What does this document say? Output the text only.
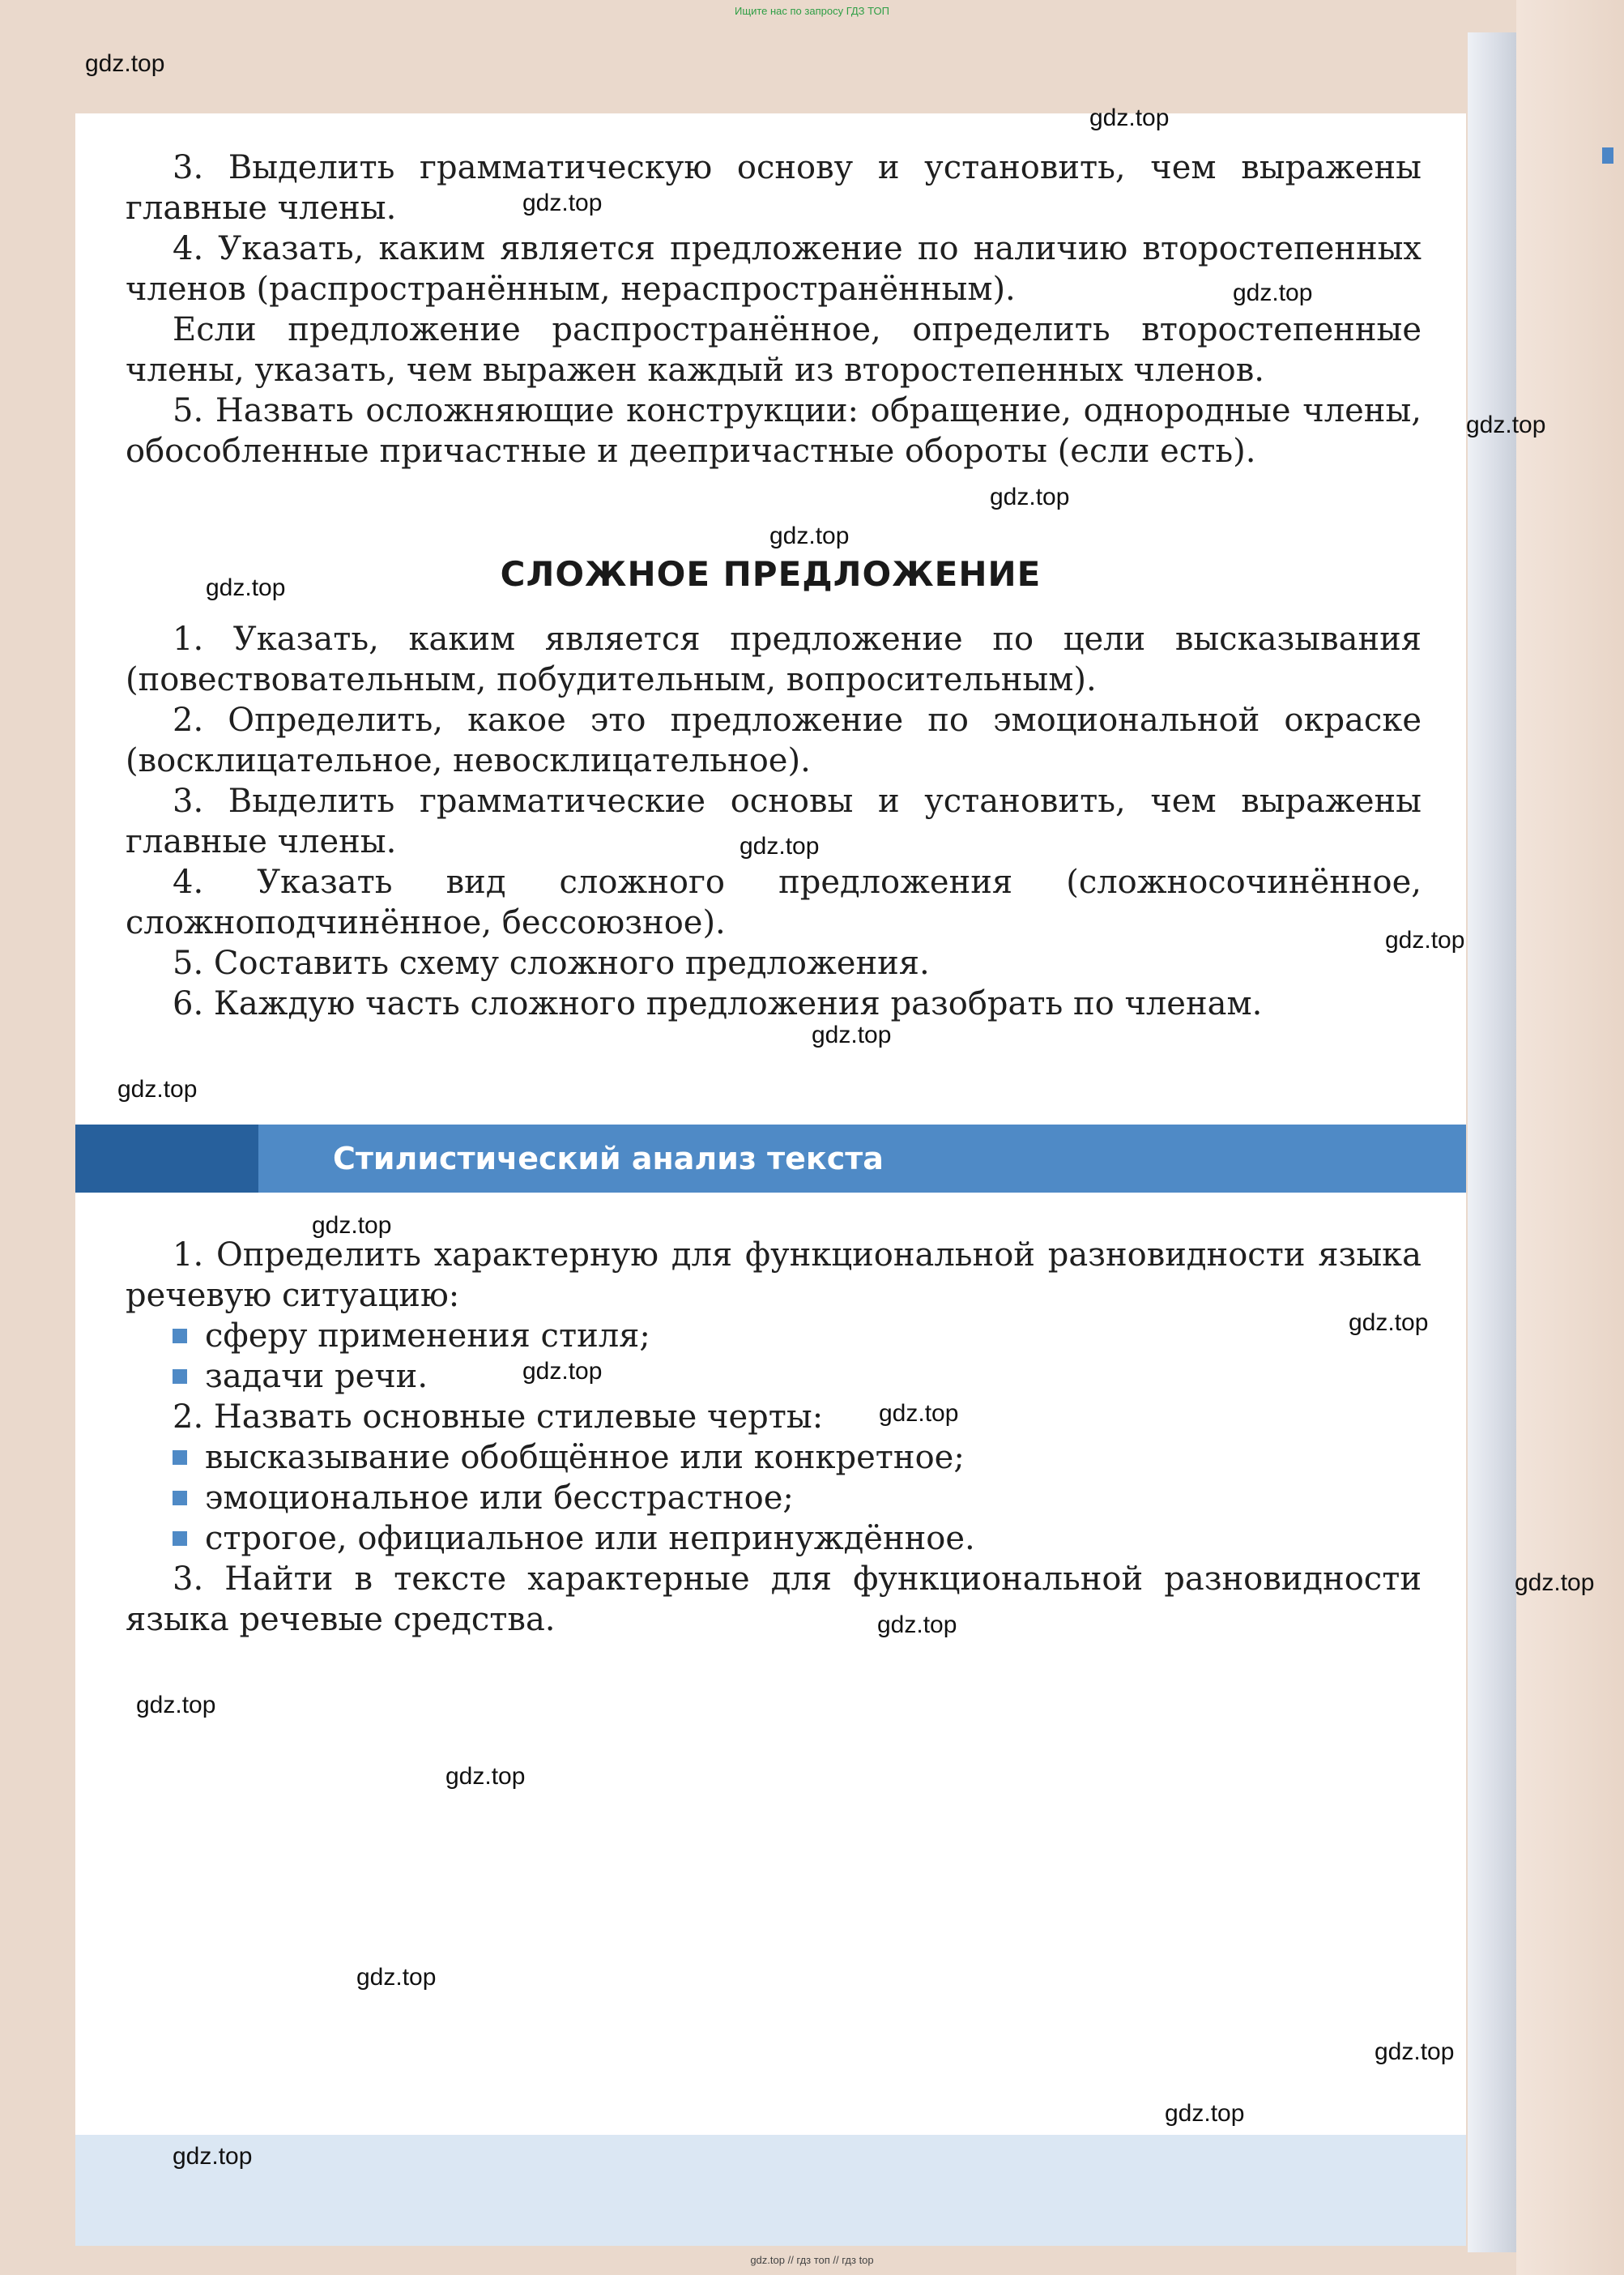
Ищите нас по запросу ГДЗ ТОП

3. Выделить грамматическую основу и установить, чем выражены главные члены.

4. Указать, каким является предложение по наличию второстепенных членов (распространённым, нераспространённым).

Если предложение распространённое, определить второстепенные члены, указать, чем выражен каждый из второстепенных членов.

5. Назвать осложняющие конструкции: обращение, однородные члены, обособленные причастные и деепричастные обороты (если есть).

СЛОЖНОЕ ПРЕДЛОЖЕНИЕ

1. Указать, каким является предложение по цели высказывания (повествовательным, побудительным, вопросительным).

2. Определить, какое это предложение по эмоциональной окраске (восклицательное, невосклицательное).

3. Выделить грамматические основы и установить, чем выражены главные члены.

4. Указать вид сложного предложения (сложносочинённое, сложноподчинённое, бессоюзное).

5. Составить схему сложного предложения.

6. Каждую часть сложного предложения разобрать по членам.

Стилистический анализ текста

1. Определить характерную для функциональной разновидности языка речевую ситуацию:

сферу применения стиля;
задачи речи.

2. Назвать основные стилевые черты:

высказывание обобщённое или конкретное;
эмоциональное или бесстрастное;
строгое, официальное или непринуждённое.

3. Найти в тексте характерные для функциональной разновидности языка речевые средства.

gdz.top
gdz.top
gdz.top
gdz.top
gdz.top
gdz.top
gdz.top
gdz.top
gdz.top
gdz.top
gdz.top
gdz.top
gdz.top
gdz.top
gdz.top
gdz.top
gdz.top
gdz.top
gdz.top
gdz.top
gdz.top
gdz.top
gdz.top
gdz.top
gdz.top // гдз топ // гдз top
